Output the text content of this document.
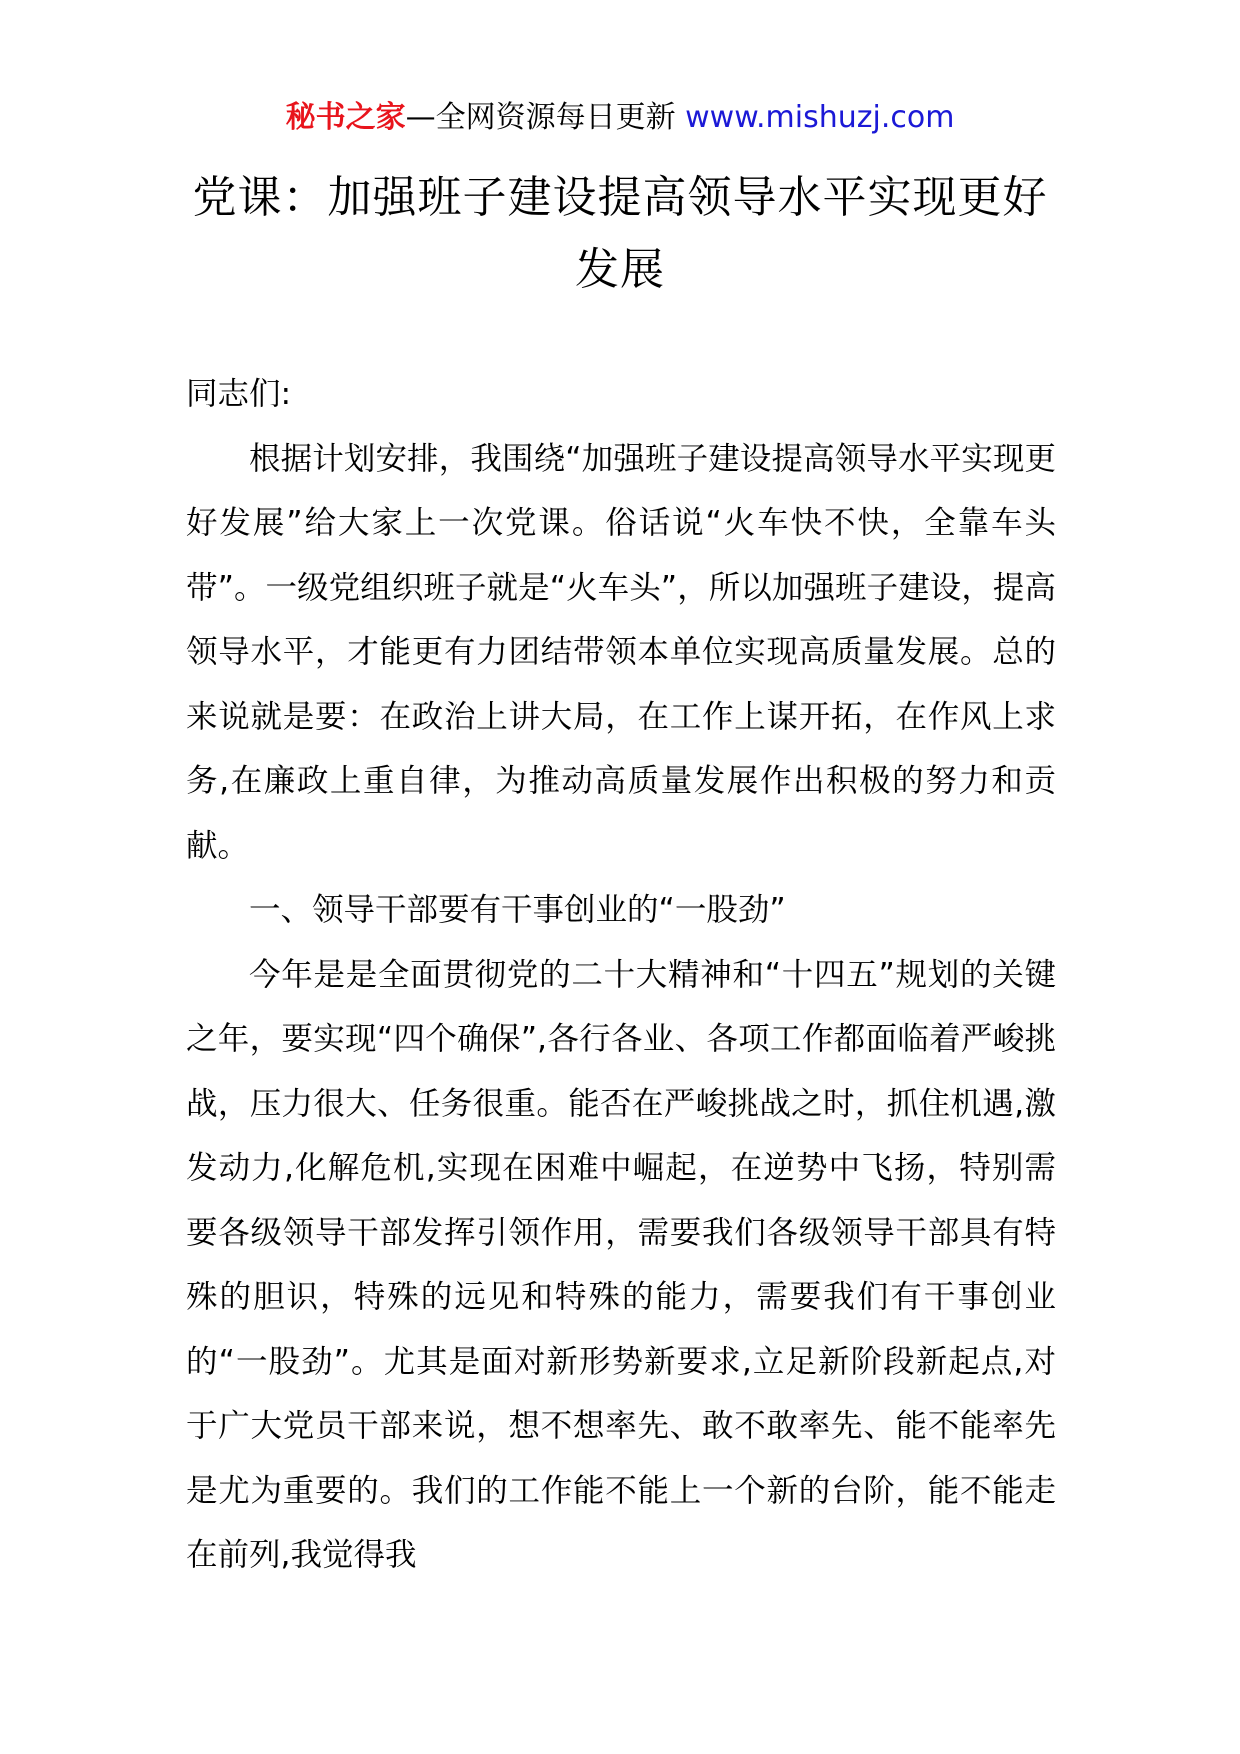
秘书之家—全网资源每日更新 www.mishuzj.com
党课：加强班子建设提高领导水平实现更好发展

同志们:

根据计划安排，我围绕“加强班子建设提高领导水平实现更好发展”给大家上一次党课。俗话说“火车快不快，全靠车头带”。一级党组织班子就是“火车头”，所以加强班子建设，提高领导水平，才能更有力团结带领本单位实现高质量发展。总的来说就是要：在政治上讲大局，在工作上谋开拓，在作风上求务,在廉政上重自律，为推动高质量发展作出积极的努力和贡献。

一、领导干部要有干事创业的“一股劲”

今年是是全面贯彻党的二十大精神和“十四五”规划的关键之年，要实现“四个确保”,各行各业、各项工作都面临着严峻挑战，压力很大、任务很重。能否在严峻挑战之时，抓住机遇,激发动力,化解危机,实现在困难中崛起，在逆势中飞扬，特别需要各级领导干部发挥引领作用，需要我们各级领导干部具有特殊的胆识，特殊的远见和特殊的能力，需要我们有干事创业的“一股劲”。尤其是面对新形势新要求,立足新阶段新起点,对于广大党员干部来说，想不想率先、敢不敢率先、能不能率先是尤为重要的。我们的工作能不能上一个新的台阶，能不能走在前列,我觉得我
